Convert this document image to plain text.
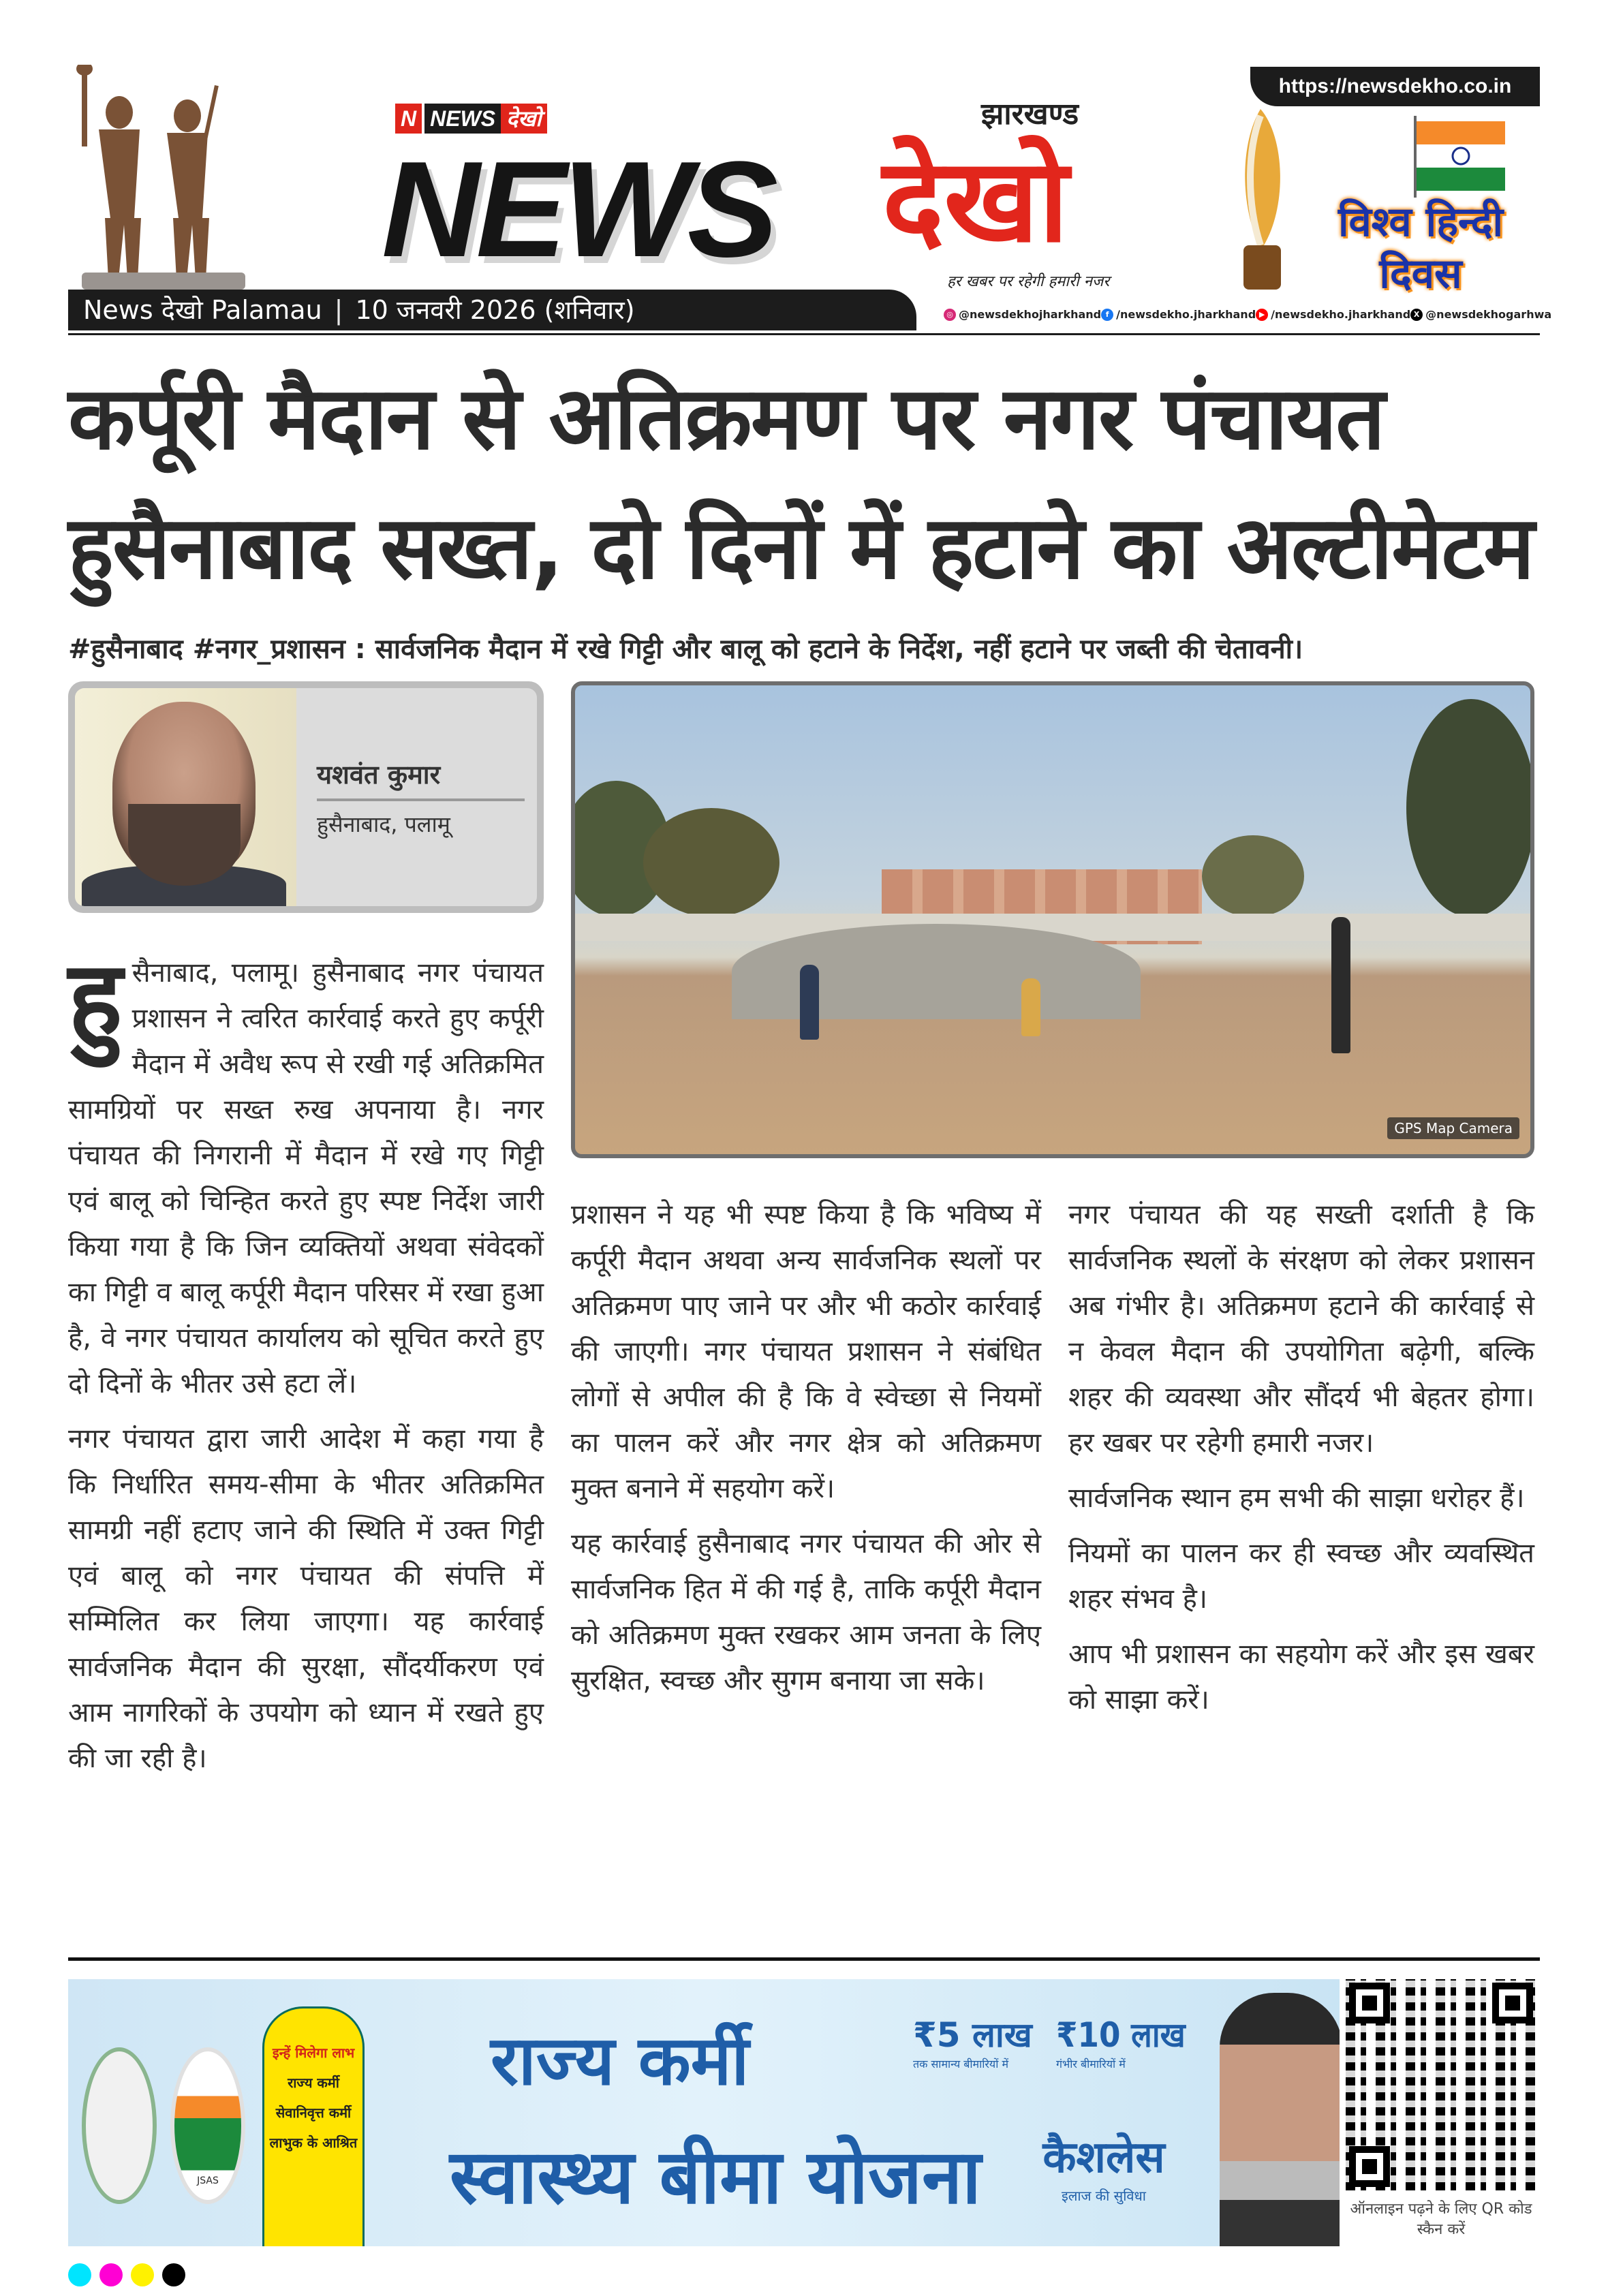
https://newsdekho.co.in
N NEWS देखो
NEWS देखो
झारखण्ड
हर खबर पर रहेगी हमारी नजर
विश्व हिन्दी दिवस
News देखो Palamau | 10 जनवरी 2026 (शनिवार)	◎ @newsdekhojharkhand f /newsdekho.jharkhand ▶ /newsdekho.jharkhand X @newsdekhogarhwa
कर्पूरी मैदान से अतिक्रमण पर नगर पंचायत
हुसैनाबाद सख्त, दो दिनों में हटाने का अल्टीमेटम
#हुसैनाबाद #नगर_प्रशासन : सार्वजनिक मैदान में रखे गिट्टी और बालू को हटाने के निर्देश, नहीं हटाने पर जब्ती की चेतावनी।
यशवंत कुमार
हुसैनाबाद, पलामू
GPS Map Camera

हुसैनाबाद, पलामू। हुसैनाबाद नगर पंचायत प्रशासन ने त्वरित कार्रवाई करते हुए कर्पूरी मैदान में अवैध रूप से रखी गई अतिक्रमित सामग्रियों पर सख्त रुख अपनाया है। नगर पंचायत की निगरानी में मैदान में रखे गए गिट्टी एवं बालू को चिन्हित करते हुए स्पष्ट निर्देश जारी किया गया है कि जिन व्यक्तियों अथवा संवेदकों का गिट्टी व बालू कर्पूरी मैदान परिसर में रखा हुआ है, वे नगर पंचायत कार्यालय को सूचित करते हुए दो दिनों के भीतर उसे हटा लें।

नगर पंचायत द्वारा जारी आदेश में कहा गया है कि निर्धारित समय-सीमा के भीतर अतिक्रमित सामग्री नहीं हटाए जाने की स्थिति में उक्त गिट्टी एवं बालू को नगर पंचायत की संपत्ति में सम्मिलित कर लिया जाएगा। यह कार्रवाई सार्वजनिक मैदान की सुरक्षा, सौंदर्यीकरण एवं आम नागरिकों के उपयोग को ध्यान में रखते हुए की जा रही है।

प्रशासन ने यह भी स्पष्ट किया है कि भविष्य में कर्पूरी मैदान अथवा अन्य सार्वजनिक स्थलों पर अतिक्रमण पाए जाने पर और भी कठोर कार्रवाई की जाएगी। नगर पंचायत प्रशासन ने संबंधित लोगों से अपील की है कि वे स्वेच्छा से नियमों का पालन करें और नगर क्षेत्र को अतिक्रमण मुक्त बनाने में सहयोग करें।

यह कार्रवाई हुसैनाबाद नगर पंचायत की ओर से सार्वजनिक हित में की गई है, ताकि कर्पूरी मैदान को अतिक्रमण मुक्त रखकर आम जनता के लिए सुरक्षित, स्वच्छ और सुगम बनाया जा सके।

नगर पंचायत की यह सख्ती दर्शाती है कि सार्वजनिक स्थलों के संरक्षण को लेकर प्रशासन अब गंभीर है। अतिक्रमण हटाने की कार्रवाई से न केवल मैदान की उपयोगिता बढ़ेगी, बल्कि शहर की व्यवस्था और सौंदर्य भी बेहतर होगा। हर खबर पर रहेगी हमारी नजर।

सार्वजनिक स्थान हम सभी की साझा धरोहर हैं।

नियमों का पालन कर ही स्वच्छ और व्यवस्थित शहर संभव है।

आप भी प्रशासन का सहयोग करें और इस खबर को साझा करें।

JSAS
इन्हें मिलेगा लाभ
राज्य कर्मी
सेवानिवृत्त कर्मी
लाभुक के आश्रित
राज्य कर्मी
स्वास्थ्य बीमा योजना
₹5 लाख
तक सामान्य बीमारियों में
₹10 लाख
गंभीर बीमारियों में
कैशलेस
इलाज की सुविधा
ऑनलाइन पढ़ने के लिए QR कोड स्कैन करें
